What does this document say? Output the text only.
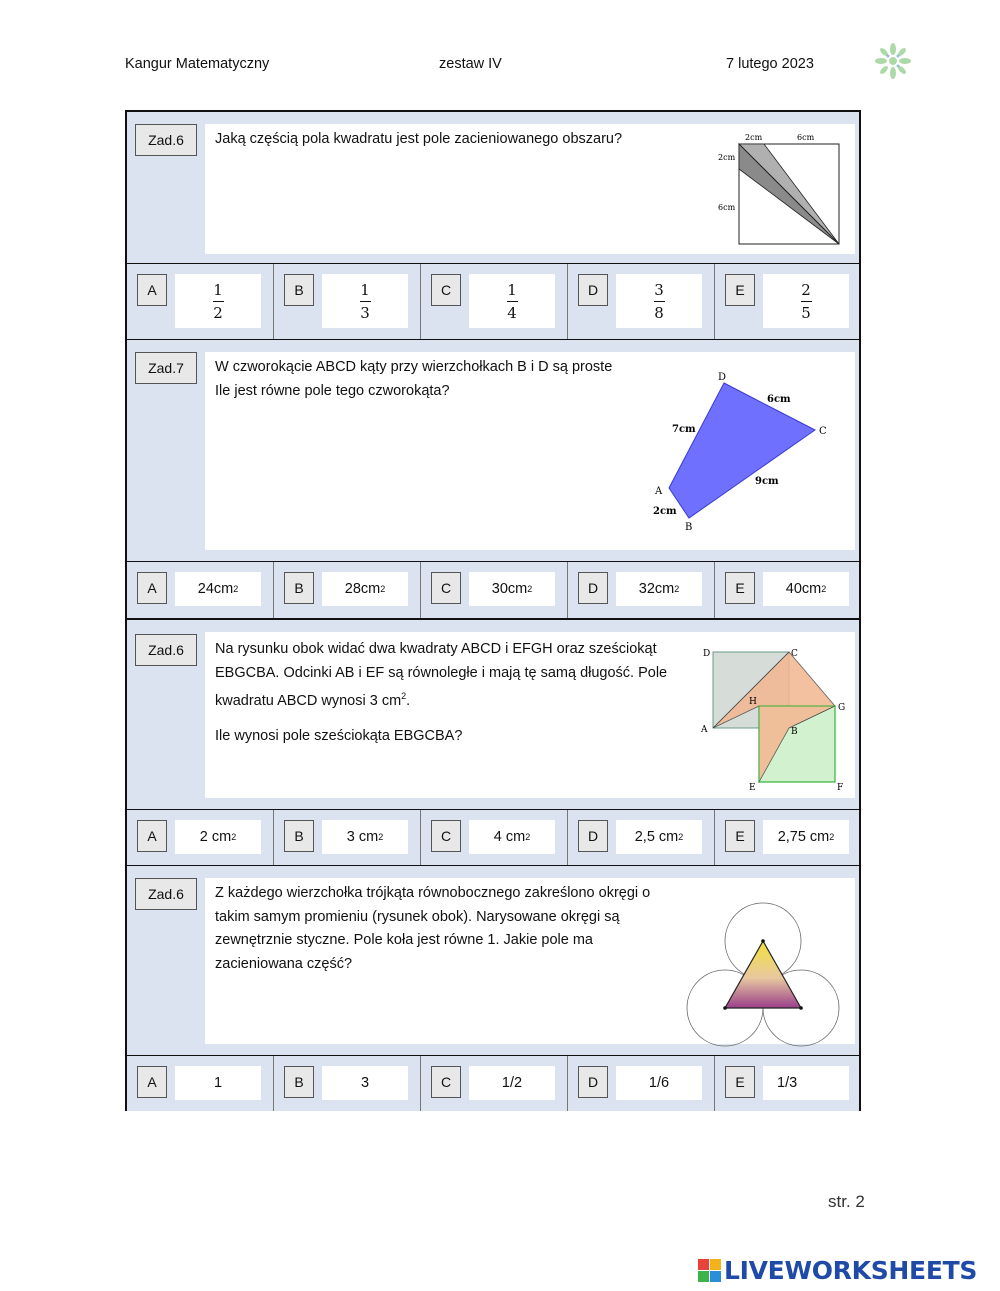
Kangur Matematyczny	zestaw IV	7 lutego 2023
Zad.6	Jaką częścią pola kwadratu jest pole zacieniowanego obszaru?	2cm	6cm
2cm
6cm
A	$\frac{1}{2}$	B	$\frac{1}{3}$	C	$\frac{1}{4}$	D	$\frac{3}{8}$	E	$\frac{2}{5}$
Zad.7	W czworokącie ABCD kąty przy wierzchołkach B i D są proste

Ile jest równe pole tego czworokąta?

D
C
A
B
6cm
7cm
9cm
2cm
A	24cm 2	B	28cm 2	C	30cm 2	D	32cm 2	E	40cm 2
Zad.6	Na rysunku obok widać dwa kwadraty ABCD i EFGH oraz sześciokąt

EBGCBA. Odcinki AB i EF są równoległe i mają tę samą długość. Pole

kwadratu ABCD wynosi 3 $cm^2$.

Ile wynosi pole sześciokąta EBGCBA?

D	C
H
G
A	B
E	F
A	2 cm 2	B	3 cm 2	C	4 cm 2	D	2,5 cm 2	E	2,75 cm 2
Zad.6	Z każdego wierzchołka trójkąta równobocznego zakreślono okręgi o

takim samym promieniu (rysunek obok). Narysowane okręgi są

zewnętrznie styczne. Pole koła jest równe 1. Jakie pole ma

zacieniowana część?

A	1	B	3	C	1/2	D	1/6	E	1/3
str. 2
LIVEWORKSHEETS
